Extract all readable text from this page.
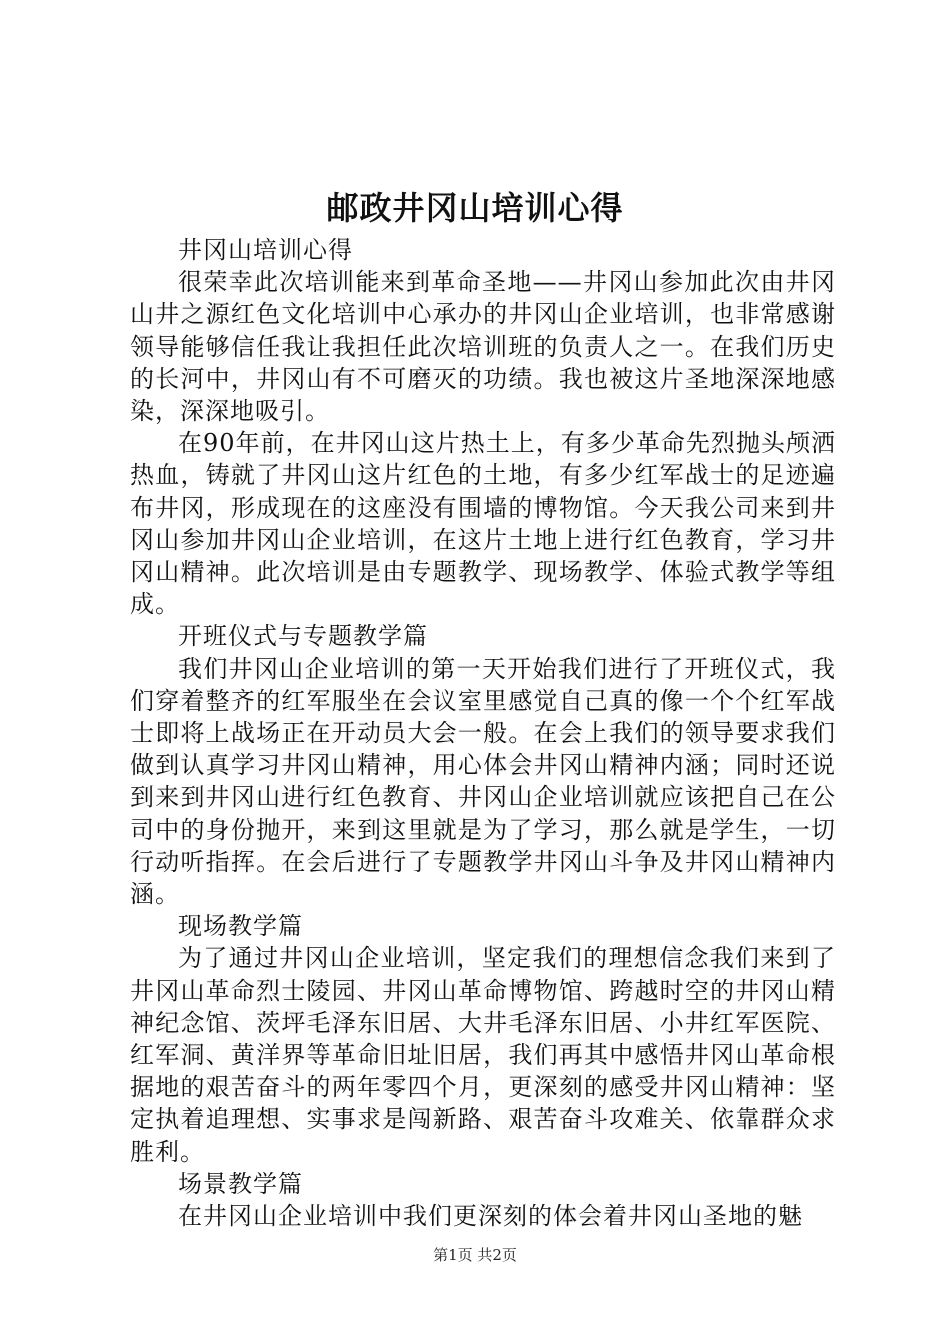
邮政井冈山培训心得

井冈山培训心得

很荣幸此次培训能来到革命圣地——井冈山参加此次由井冈山井之源红色文化培训中心承办的井冈山企业培训，也非常感谢领导能够信任我让我担任此次培训班的负责人之一。在我们历史的长河中，井冈山有不可磨灭的功绩。我也被这片圣地深深地感染，深深地吸引。

在90年前，在井冈山这片热土上，有多少革命先烈抛头颅洒热血，铸就了井冈山这片红色的土地，有多少红军战士的足迹遍布井冈，形成现在的这座没有围墙的博物馆。今天我公司来到井冈山参加井冈山企业培训，在这片土地上进行红色教育，学习井冈山精神。此次培训是由专题教学、现场教学、体验式教学等组成。

开班仪式与专题教学篇

我们井冈山企业培训的第一天开始我们进行了开班仪式，我们穿着整齐的红军服坐在会议室里感觉自己真的像一个个红军战士即将上战场正在开动员大会一般。在会上我们的领导要求我们做到认真学习井冈山精神，用心体会井冈山精神内涵；同时还说到来到井冈山进行红色教育、井冈山企业培训就应该把自己在公司中的身份抛开，来到这里就是为了学习，那么就是学生，一切行动听指挥。在会后进行了专题教学井冈山斗争及井冈山精神内涵。

现场教学篇

为了通过井冈山企业培训，坚定我们的理想信念我们来到了井冈山革命烈士陵园、井冈山革命博物馆、跨越时空的井冈山精神纪念馆、茨坪毛泽东旧居、大井毛泽东旧居、小井红军医院、红军洞、黄洋界等革命旧址旧居，我们再其中感悟井冈山革命根据地的艰苦奋斗的两年零四个月，更深刻的感受井冈山精神：坚定执着追理想、实事求是闯新路、艰苦奋斗攻难关、依靠群众求胜利。

场景教学篇

在井冈山企业培训中我们更深刻的体会着井冈山圣地的魅

第1页 共2页
